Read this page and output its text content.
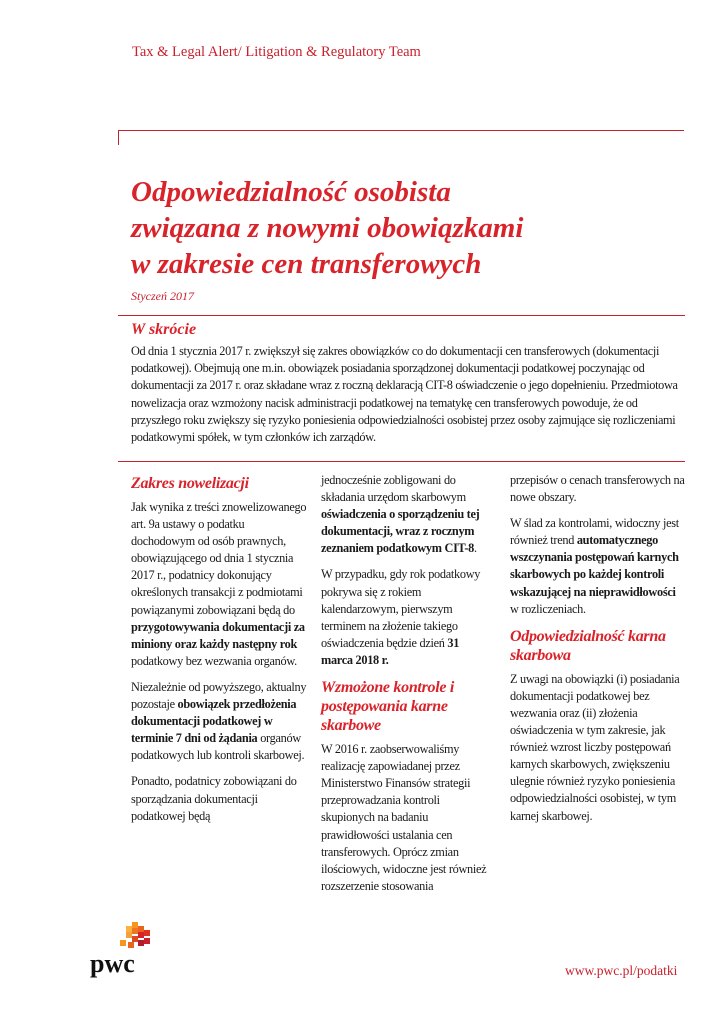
Tax & Legal Alert/ Litigation & Regulatory Team
Odpowiedzialność osobista
związana z nowymi obowiązkami
w zakresie cen transferowych
Styczeń 2017
W skrócie
Od dnia 1 stycznia 2017 r. zwiększył się zakres obowiązków co do dokumentacji cen transferowych (dokumentacji podatkowej). Obejmują one m.in. obowiązek posiadania sporządzonej dokumentacji podatkowej poczynając od dokumentacji za 2017 r. oraz składane wraz z roczną deklaracją CIT-8 oświadczenie o jego dopełnieniu. Przedmiotowa nowelizacja oraz wzmożony nacisk administracji podatkowej na tematykę cen transferowych powoduje, że od przyszłego roku zwiększy się ryzyko poniesienia odpowiedzialności osobistej przez osoby zajmujące się rozliczeniami podatkowymi spółek, w tym członków ich zarządów.
Zakres nowelizacji

Jak wynika z treści znowelizowanego art. 9a ustawy o podatku dochodowym od osób prawnych, obowiązującego od dnia 1 stycznia 2017 r., podatnicy dokonujący określonych transakcji z podmiotami powiązanymi zobowiązani będą do przygotowywania dokumentacji za miniony oraz każdy następny rok podatkowy bez wezwania organów.

Niezależnie od powyższego, aktualny pozostaje obowiązek przedłożenia dokumentacji podatkowej w terminie 7 dni od żądania organów podatkowych lub kontroli skarbowej.

Ponadto, podatnicy zobowiązani do sporządzania dokumentacji podatkowej będą

jednocześnie zobligowani do składania urzędom skarbowym oświadczenia o sporządzeniu tej dokumentacji, wraz z rocznym zeznaniem podatkowym CIT-8.

W przypadku, gdy rok podatkowy pokrywa się z rokiem kalendarzowym, pierwszym terminem na złożenie takiego oświadczenia będzie dzień 31 marca 2018 r.

Wzmożone kontrole i postępowania karne skarbowe

W 2016 r. zaobserwowaliśmy realizację zapowiadanej przez Ministerstwo Finansów strategii przeprowadzania kontroli skupionych na badaniu prawidłowości ustalania cen transferowych. Oprócz zmian ilościowych, widoczne jest również rozszerzenie stosowania

przepisów o cenach transferowych na nowe obszary.

W ślad za kontrolami, widoczny jest również trend automatycznego wszczynania postępowań karnych skarbowych po każdej kontroli wskazującej na nieprawidłowości w rozliczeniach.

Odpowiedzialność karna skarbowa

Z uwagi na obowiązki (i) posiadania dokumentacji podatkowej bez wezwania oraz (ii) złożenia oświadczenia w tym zakresie, jak również wzrost liczby postępowań karnych skarbowych, zwiększeniu ulegnie również ryzyko poniesienia odpowiedzialności osobistej, w tym karnej skarbowej.

pwc	www.pwc.pl/podatki
